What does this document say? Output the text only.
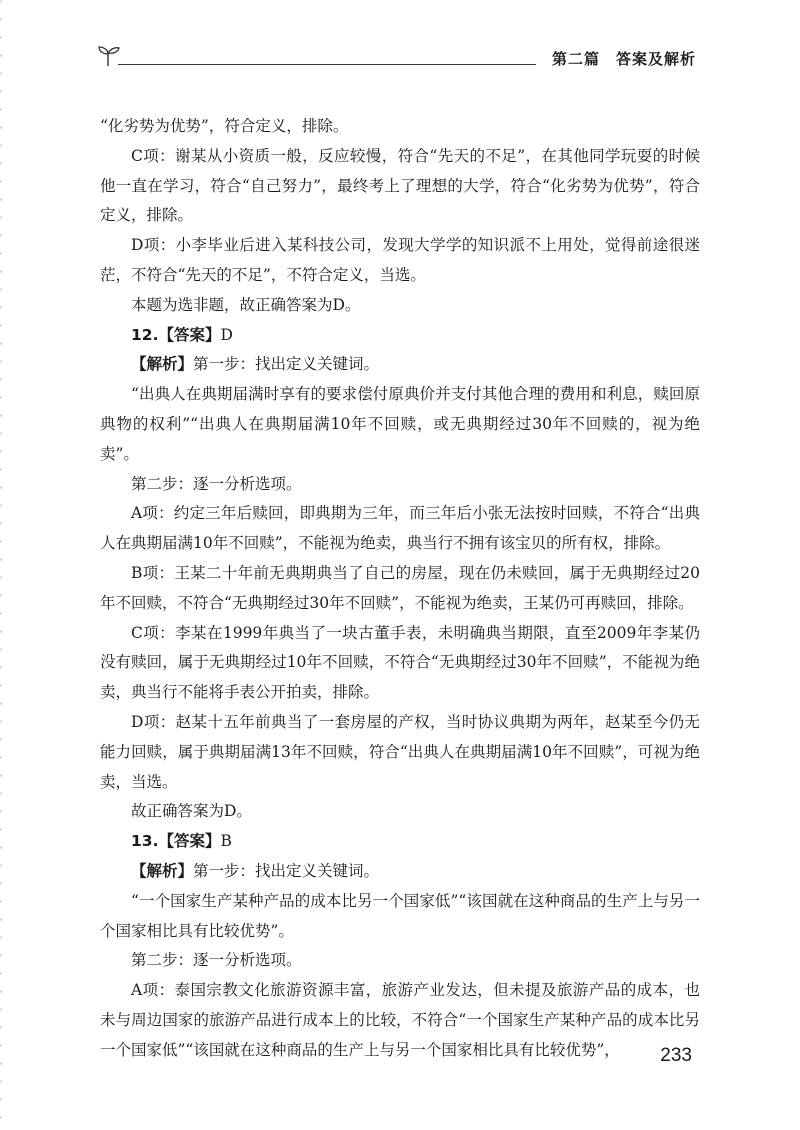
第二篇　答案及解析

“化劣势为优势”，符合定义，排除。

C项：谢某从小资质一般，反应较慢，符合“先天的不足”，在其他同学玩耍的时候他一直在学习，符合“自己努力”，最终考上了理想的大学，符合“化劣势为优势”，符合定义，排除。

D项：小李毕业后进入某科技公司，发现大学学的知识派不上用处，觉得前途很迷茫，不符合“先天的不足”，不符合定义，当选。

本题为选非题，故正确答案为D。

12.【答案】D

【解析】第一步：找出定义关键词。

“出典人在典期届满时享有的要求偿付原典价并支付其他合理的费用和利息，赎回原典物的权利”“出典人在典期届满10年不回赎，或无典期经过30年不回赎的，视为绝卖”。

第二步：逐一分析选项。

A项：约定三年后赎回，即典期为三年，而三年后小张无法按时回赎，不符合“出典人在典期届满10年不回赎”，不能视为绝卖，典当行不拥有该宝贝的所有权，排除。

B项：王某二十年前无典期典当了自己的房屋，现在仍未赎回，属于无典期经过20年不回赎，不符合“无典期经过30年不回赎”，不能视为绝卖，王某仍可再赎回，排除。

C项：李某在1999年典当了一块古董手表，未明确典当期限，直至2009年李某仍没有赎回，属于无典期经过10年不回赎，不符合“无典期经过30年不回赎”，不能视为绝卖，典当行不能将手表公开拍卖，排除。

D项：赵某十五年前典当了一套房屋的产权，当时协议典期为两年，赵某至今仍无能力回赎，属于典期届满13年不回赎，符合“出典人在典期届满10年不回赎”，可视为绝卖，当选。

故正确答案为D。

13.【答案】B

【解析】第一步：找出定义关键词。

“一个国家生产某种产品的成本比另一个国家低”“该国就在这种商品的生产上与另一个国家相比具有比较优势”。

第二步：逐一分析选项。

A项：泰国宗教文化旅游资源丰富，旅游产业发达，但未提及旅游产品的成本，也未与周边国家的旅游产品进行成本上的比较，不符合“一个国家生产某种产品的成本比另一个国家低”“该国就在这种商品的生产上与另一个国家相比具有比较优势”，	233
